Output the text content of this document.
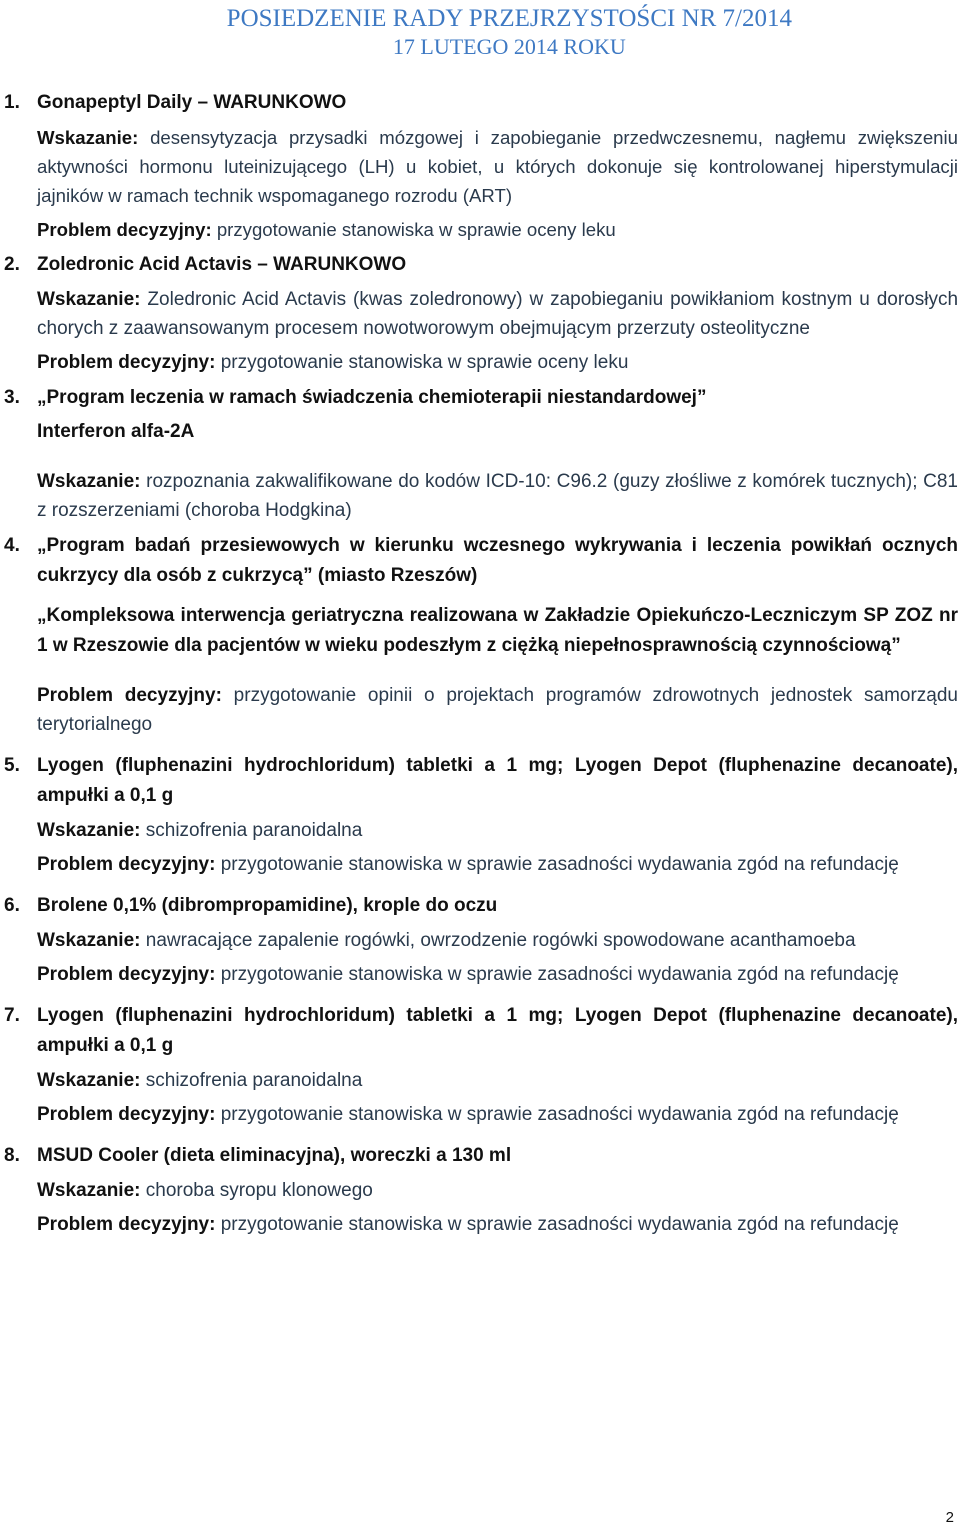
POSIEDZENIE RADY PRZEJRZYSTOŚCI NR 7/2014
17 LUTEGO 2014 ROKU
1. Gonapeptyl Daily – WARUNKOWO

Wskazanie: desensytyzacja przysadki mózgowej i zapobieganie przedwczesnemu, nagłemu zwiększeniu aktywności hormonu luteinizującego (LH) u kobiet, u których dokonuje się kontrolowanej hiperstymulacji jajników w ramach technik wspomaganego rozrodu (ART)

Problem decyzyjny: przygotowanie stanowiska w sprawie oceny leku

2. Zoledronic Acid Actavis – WARUNKOWO

Wskazanie: Zoledronic Acid Actavis (kwas zoledronowy) w zapobieganiu powikłaniom kostnym u dorosłych chorych z zaawansowanym procesem nowotworowym obejmującym przerzuty osteolityczne

Problem decyzyjny: przygotowanie stanowiska w sprawie oceny leku

3. „Program leczenia w ramach świadczenia chemioterapii niestandardowej”

Interferon alfa-2A

Wskazanie: rozpoznania zakwalifikowane do kodów ICD-10: C96.2 (guzy złośliwe z komórek tucznych); C81 z rozszerzeniami (choroba Hodgkina)

4. „Program badań przesiewowych w kierunku wczesnego wykrywania i leczenia powikłań ocznych cukrzycy dla osób z cukrzycą” (miasto Rzeszów)

„Kompleksowa interwencja geriatryczna realizowana w Zakładzie Opiekuńczo-Leczniczym SP ZOZ nr 1 w Rzeszowie dla pacjentów w wieku podeszłym z ciężką niepełnosprawnością czynnościową”

Problem decyzyjny: przygotowanie opinii o projektach programów zdrowotnych jednostek samorządu terytorialnego

5. Lyogen (fluphenazini hydrochloridum) tabletki a 1 mg; Lyogen Depot (fluphenazine decanoate), ampułki a 0,1 g

Wskazanie: schizofrenia paranoidalna

Problem decyzyjny: przygotowanie stanowiska w sprawie zasadności wydawania zgód na refundację

6. Brolene 0,1% (dibrompropamidine), krople do oczu

Wskazanie: nawracające zapalenie rogówki, owrzodzenie rogówki spowodowane acanthamoeba

Problem decyzyjny: przygotowanie stanowiska w sprawie zasadności wydawania zgód na refundację

7. Lyogen (fluphenazini hydrochloridum) tabletki a 1 mg; Lyogen Depot (fluphenazine decanoate), ampułki a 0,1 g

Wskazanie: schizofrenia paranoidalna

Problem decyzyjny: przygotowanie stanowiska w sprawie zasadności wydawania zgód na refundację

8. MSUD Cooler (dieta eliminacyjna), woreczki a 130 ml

Wskazanie: choroba syropu klonowego

Problem decyzyjny: przygotowanie stanowiska w sprawie zasadności wydawania zgód na refundację

2
